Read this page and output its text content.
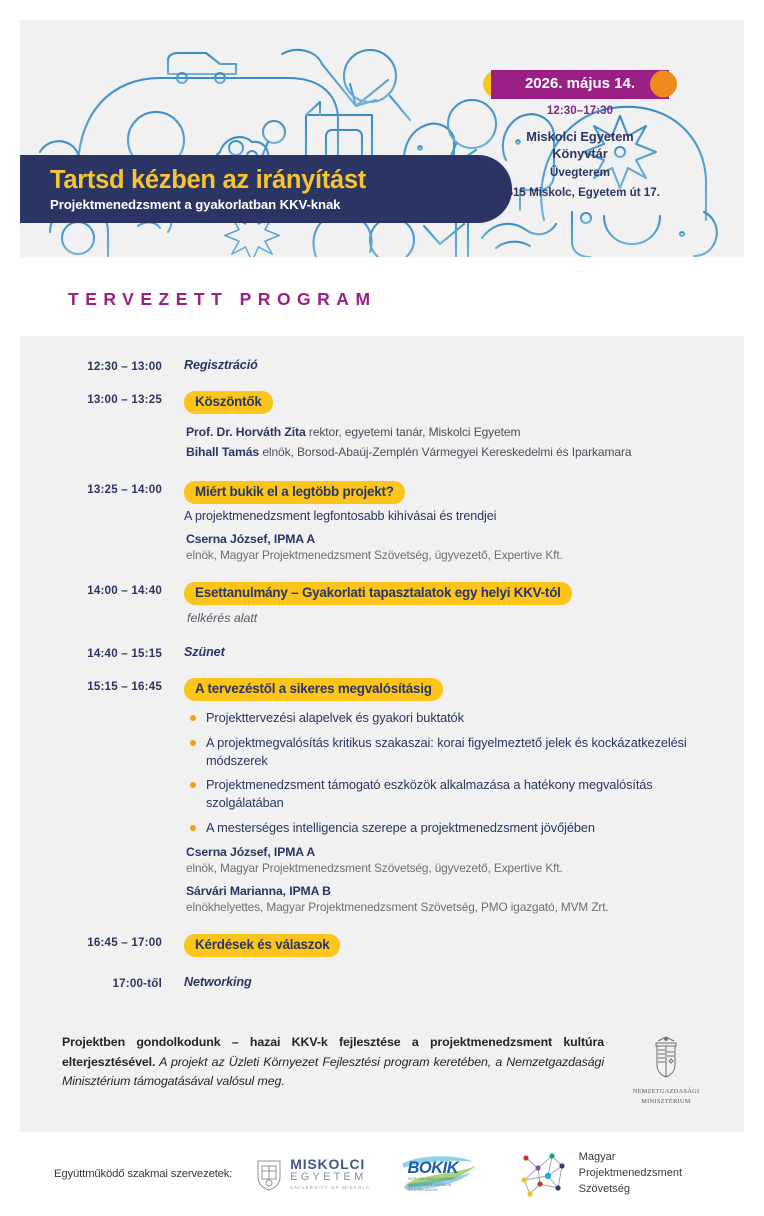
Tartsd kézben az irányítást
Projektmenedzsment a gyakorlatban KKV-knak
2026. május 14.
12:30–17:30
Miskolci Egyetem
Könyvtár
Üvegterem
3515 Miskolc, Egyetem út 17.
TERVEZETT PROGRAM
12:30 – 13:00 Regisztráció
13:00 – 13:25	Köszöntők
Prof. Dr. Horváth Zita rektor, egyetemi tanár, Miskolci Egyetem
Bihall Tamás elnök, Borsod-Abaúj-Zemplén Vármegyei Kereskedelmi és Iparkamara
13:25 – 14:00	Miért bukik el a legtöbb projekt?
A projektmenedzsment legfontosabb kihívásai és trendjei
Cserna József, IPMA A
elnök, Magyar Projektmenedzsment Szövetség, ügyvezető, Expertive Kft.
14:00 – 14:40	Esettanulmány – Gyakorlati tapasztalatok egy helyi KKV-tól
felkérés alatt
14:40 – 15:15 Szünet
15:15 – 16:45	A tervezéstől a sikeres megvalósításig
Projekttervezési alapelvek és gyakori buktatók
A projektmegvalósítás kritikus szakaszai: korai figyelmeztető jelek és kockázatkezelési módszerek
Projektmenedzsment támogató eszközök alkalmazása a hatékony megvalósítás szolgálatában
A mesterséges intelligencia szerepe a projektmenedzsment jövőjében
Cserna József, IPMA A
elnök, Magyar Projektmenedzsment Szövetség, ügyvezető, Expertive Kft.
Sárvári Marianna, IPMA B
elnökhelyettes, Magyar Projektmenedzsment Szövetség, PMO igazgató, MVM Zrt.
16:45 – 17:00	Kérdések és válaszok
17:00-től Networking
Projektben gondolkodunk – hazai KKV-k fejlesztése a projektmenedzsment kultúra elterjesztésével. A projekt az Üzleti Környezet Fejlesztési program keretében, a Nemzetgazdasági Minisztérium támogatásával valósul meg.
NEMZETGAZDASÁGI
MINISZTÉRIUM
Együttműködő szakmai szervezetek:
MISKOLCI
EGYETEM
UNIVERSITY OF MISKOLC
BOKIK
BORSOD-ABAÚJ-ZEMPLÉN
MEGYEI KERESKEDELMI
ÉS IPARKAMARA
Magyar
Projektmenedzsment
Szövetség
